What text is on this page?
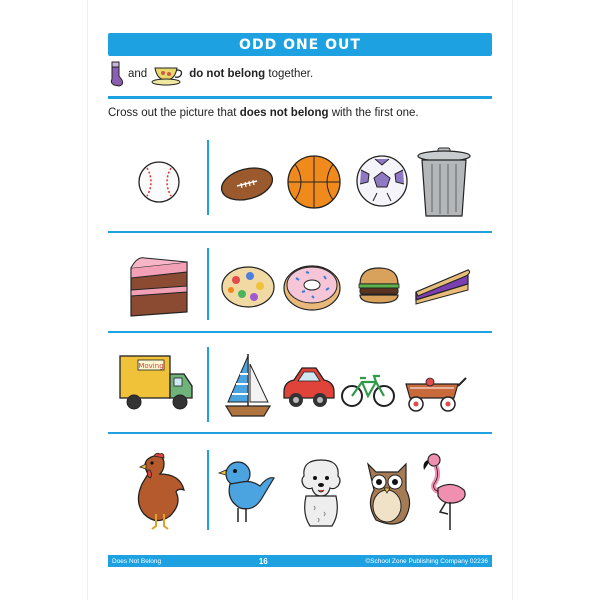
ODD ONE OUT
and	do not belong
together.
Cross out the picture that does not belong with the first one.
Moving
Does Not Belong	16	©School Zone Publishing Company 02236
